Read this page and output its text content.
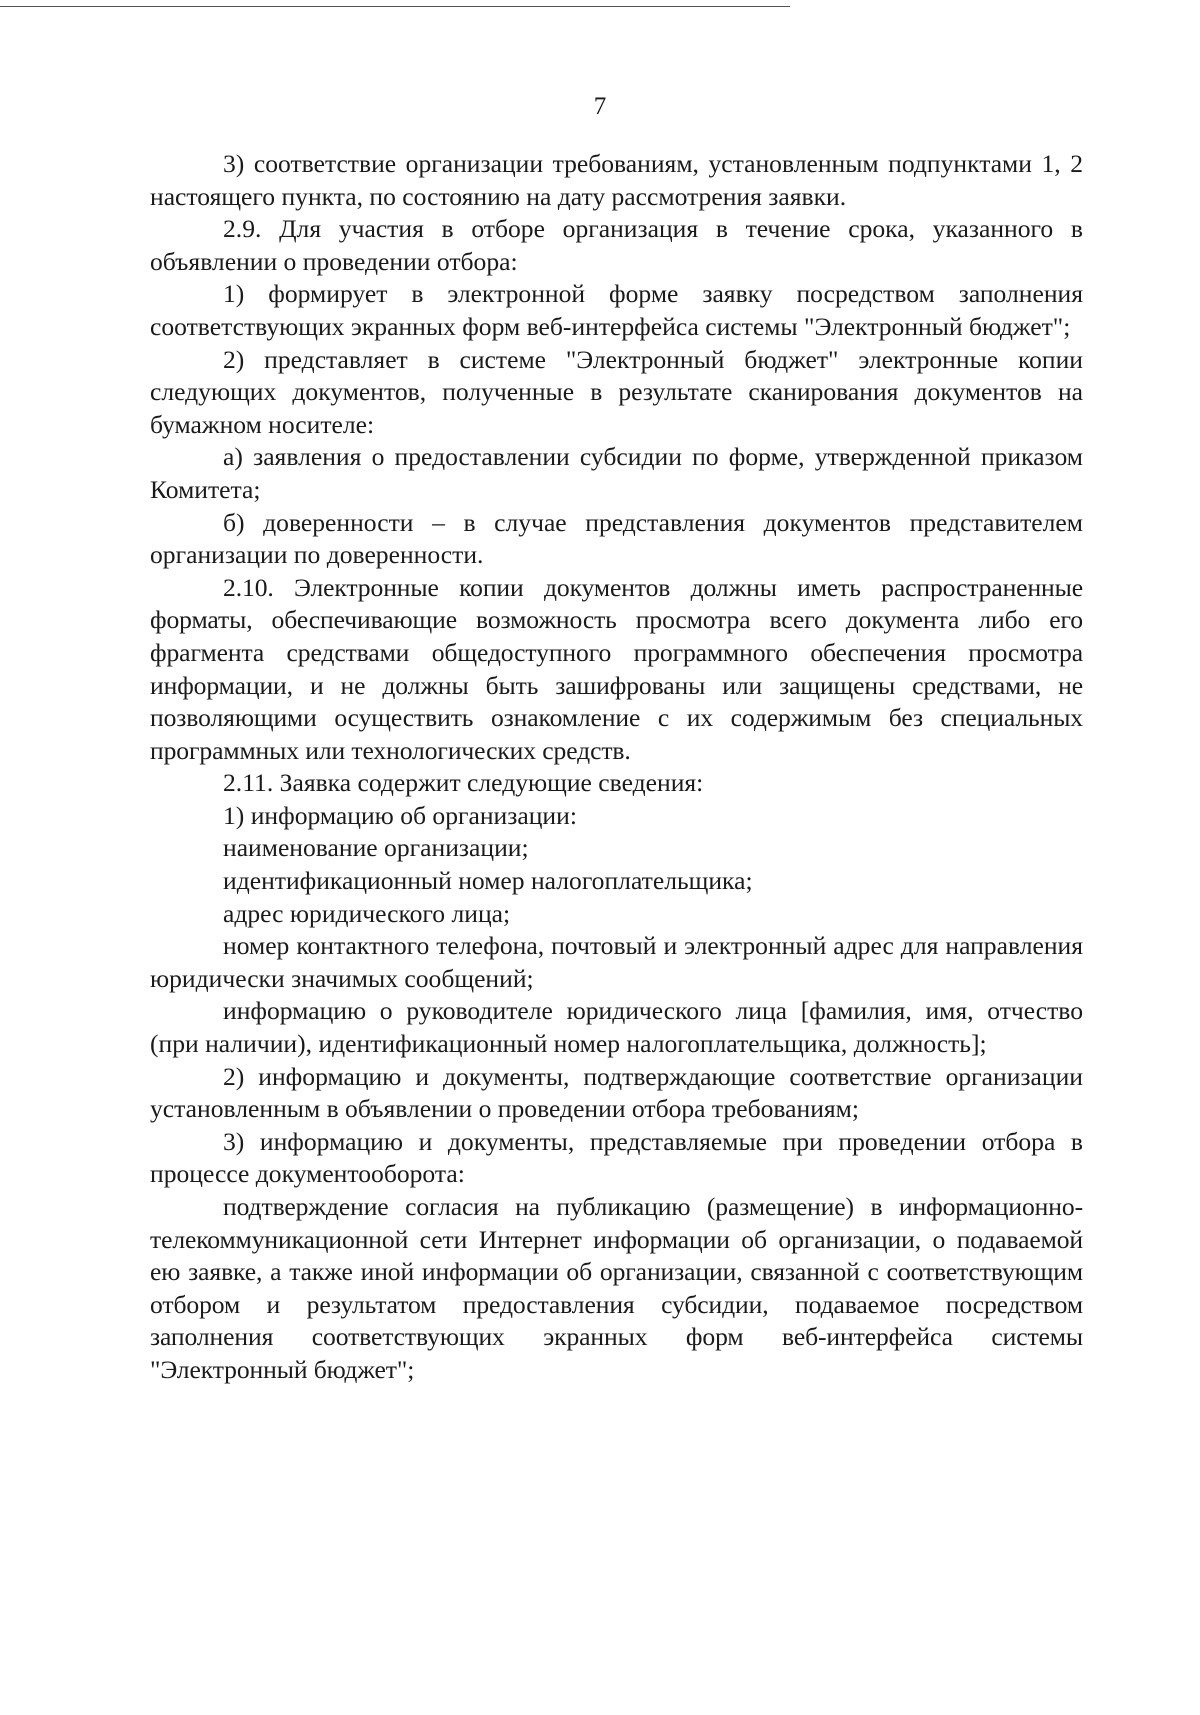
7

3) соответствие организации требованиям, установленным подпунктами 1, 2 настоящего пункта, по состоянию на дату рассмотрения заявки.

2.9. Для участия в отборе организация в течение срока, указанного в объявлении о проведении отбора:

1) формирует в электронной форме заявку посредством заполнения соответствующих экранных форм веб-интерфейса системы "Электронный бюджет";

2) представляет в системе "Электронный бюджет" электронные копии следующих документов, полученные в результате сканирования документов на бумажном носителе:

а) заявления о предоставлении субсидии по форме, утвержденной приказом Комитета;

б) доверенности – в случае представления документов представителем организации по доверенности.

2.10. Электронные копии документов должны иметь распространенные форматы, обеспечивающие возможность просмотра всего документа либо его фрагмента средствами общедоступного программного обеспечения просмотра информации, и не должны быть зашифрованы или защищены средствами, не позволяющими осуществить ознакомление с их содержимым без специальных программных или технологических средств.

2.11. Заявка содержит следующие сведения:

1) информацию об организации:

наименование организации;

идентификационный номер налогоплательщика;

адрес юридического лица;

номер контактного телефона, почтовый и электронный адрес для направления юридически значимых сообщений;

информацию о руководителе юридического лица [фамилия, имя, отчество (при наличии), идентификационный номер налогоплательщика, должность];

2) информацию и документы, подтверждающие соответствие организации установленным в объявлении о проведении отбора требованиям;

3) информацию и документы, представляемые при проведении отбора в процессе документооборота:

подтверждение согласия на публикацию (размещение) в информационно-телекоммуникационной сети Интернет информации об организации, о подаваемой ею заявке, а также иной информации об организации, связанной с соответствующим отбором и результатом предоставления субсидии, подаваемое посредством заполнения соответствующих экранных форм веб-интерфейса системы "Электронный бюджет";
